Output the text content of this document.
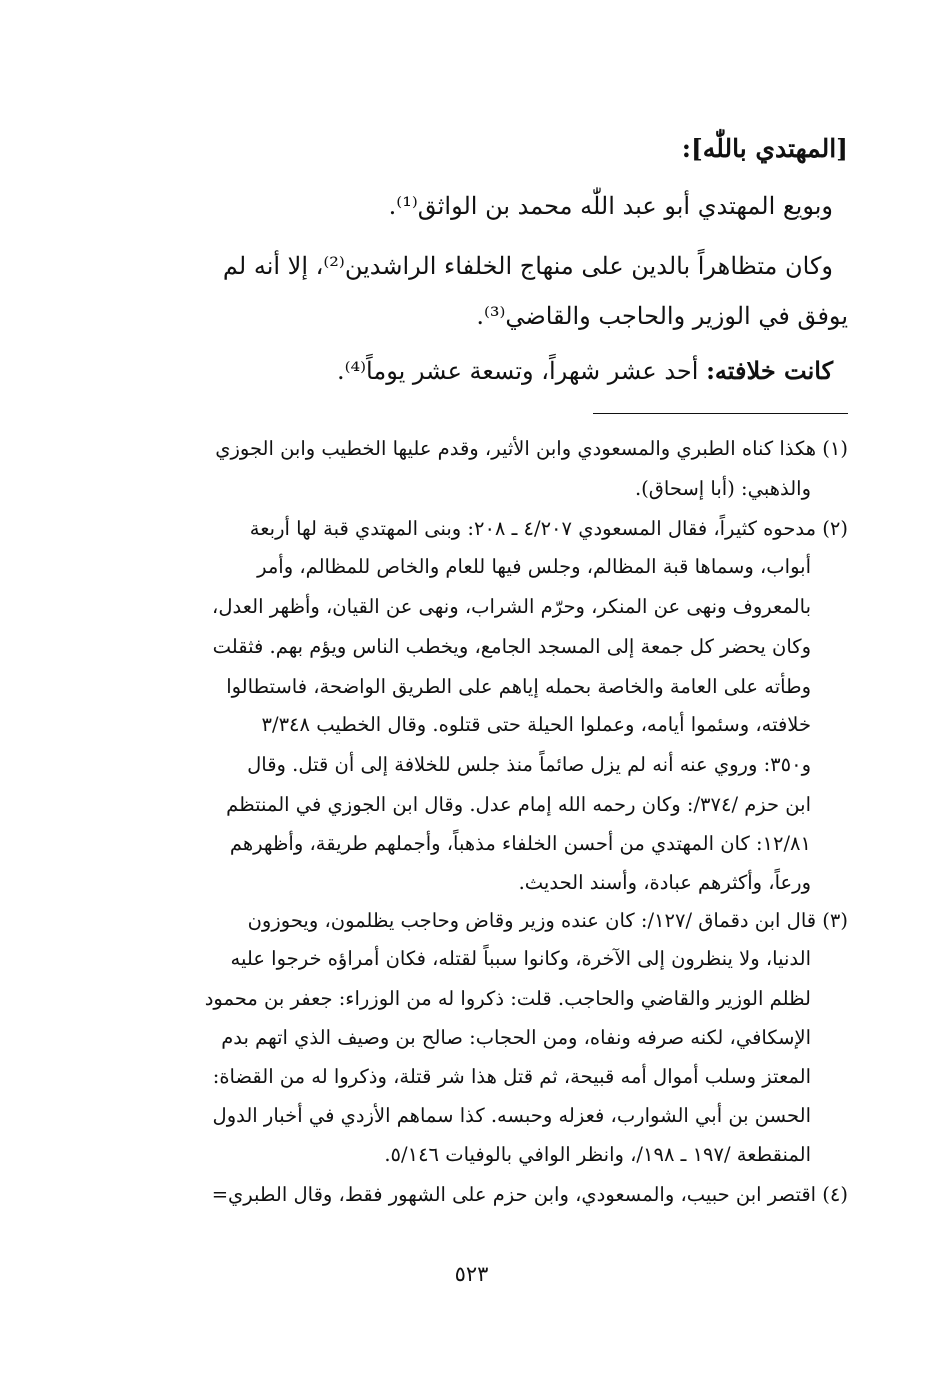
[المهتدي باللّٰه]:
وبويع المهتدي أبو عبد اللّٰه محمد بن الواثق⁽¹⁾.
وكان متظاهراً بالدين على منهاج الخلفاء الراشدين⁽²⁾، إلا أنه لم
يوفق في الوزير والحاجب والقاضي⁽³⁾.
كانت خلافته: أحد عشر شهراً، وتسعة عشر يوماً⁽⁴⁾.
(١) هكذا كناه الطبري والمسعودي وابن الأثير، وقدم عليها الخطيب وابن الجوزي
والذهبي: (أبا إسحاق).
(٢) مدحوه كثيراً، فقال المسعودي ٤/٢٠٧ ـ ٢٠٨: وبنى المهتدي قبة لها أربعة
أبواب، وسماها قبة المظالم، وجلس فيها للعام والخاص للمظالم، وأمر
بالمعروف ونهى عن المنكر، وحرّم الشراب، ونهى عن القيان، وأظهر العدل،
وكان يحضر كل جمعة إلى المسجد الجامع، ويخطب الناس ويؤم بهم. فثقلت
وطأته على العامة والخاصة بحمله إياهم على الطريق الواضحة، فاستطالوا
خلافته، وسئموا أيامه، وعملوا الحيلة حتى قتلوه. وقال الخطيب ٣/٣٤٨
و٣٥٠: وروي عنه أنه لم يزل صائماً منذ جلس للخلافة إلى أن قتل. وقال
ابن حزم /٣٧٤/: وكان رحمه الله إمام عدل. وقال ابن الجوزي في المنتظم
١٢/٨١: كان المهتدي من أحسن الخلفاء مذهباً، وأجملهم طريقة، وأظهرهم
ورعاً، وأكثرهم عبادة، وأسند الحديث.
(٣) قال ابن دقماق /١٢٧/: كان عنده وزير وقاض وحاجب يظلمون، ويحوزون
الدنيا، ولا ينظرون إلى الآخرة، وكانوا سبباً لقتله، فكان أمراؤه خرجوا عليه
لظلم الوزير والقاضي والحاجب. قلت: ذكروا له من الوزراء: جعفر بن محمود
الإسكافي، لكنه صرفه ونفاه، ومن الحجاب: صالح بن وصيف الذي اتهم بدم
المعتز وسلب أموال أمه قبيحة، ثم قتل هذا شر قتلة، وذكروا له من القضاة:
الحسن بن أبي الشوارب، فعزله وحبسه. كذا سماهم الأزدي في أخبار الدول
المنقطعة /١٩٧ ـ ١٩٨/، وانظر الوافي بالوفيات ٥/١٤٦.
(٤) اقتصر ابن حبيب، والمسعودي، وابن حزم على الشهور فقط، وقال الطبري=
٥٢٣
